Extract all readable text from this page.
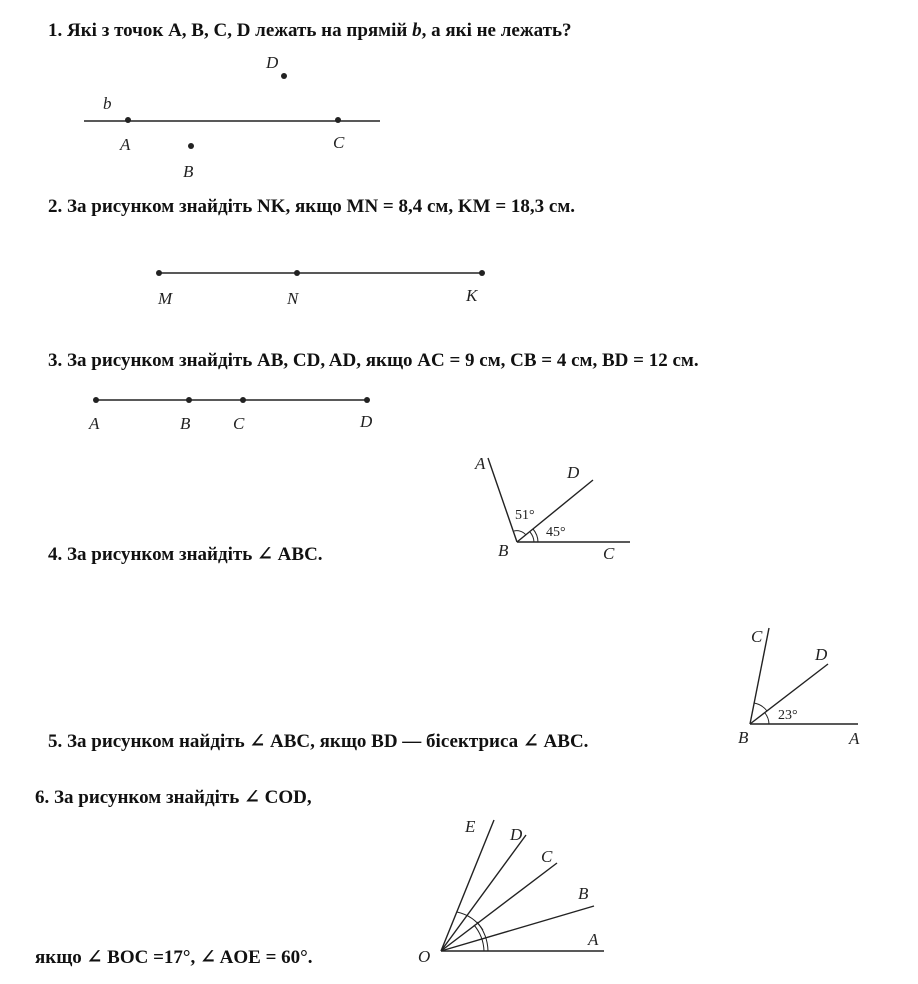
1. Які з точок A, B, C, D лежать на прямій b, а які не лежать?
2. За рисунком знайдіть NK, якщо MN = 8,4 см, KM = 18,3 см.
3. За рисунком знайдіть AB, CD, AD, якщо AC = 9 см, CB = 4 см, BD = 12 см.
4. За рисунком знайдіть ∠ ABC.
5. За рисунком найдіть ∠ ABC, якщо BD — бісектриса ∠ ABC.
6. За рисунком знайдіть ∠ COD,
якщо ∠ BOC =17°, ∠ AOE = 60°.
b
A	C
B
D
M	N	K
A	B	C	D
A	D
B	C
51°
45°
C
D
B	A
23°
O
A
B
C
D
E
